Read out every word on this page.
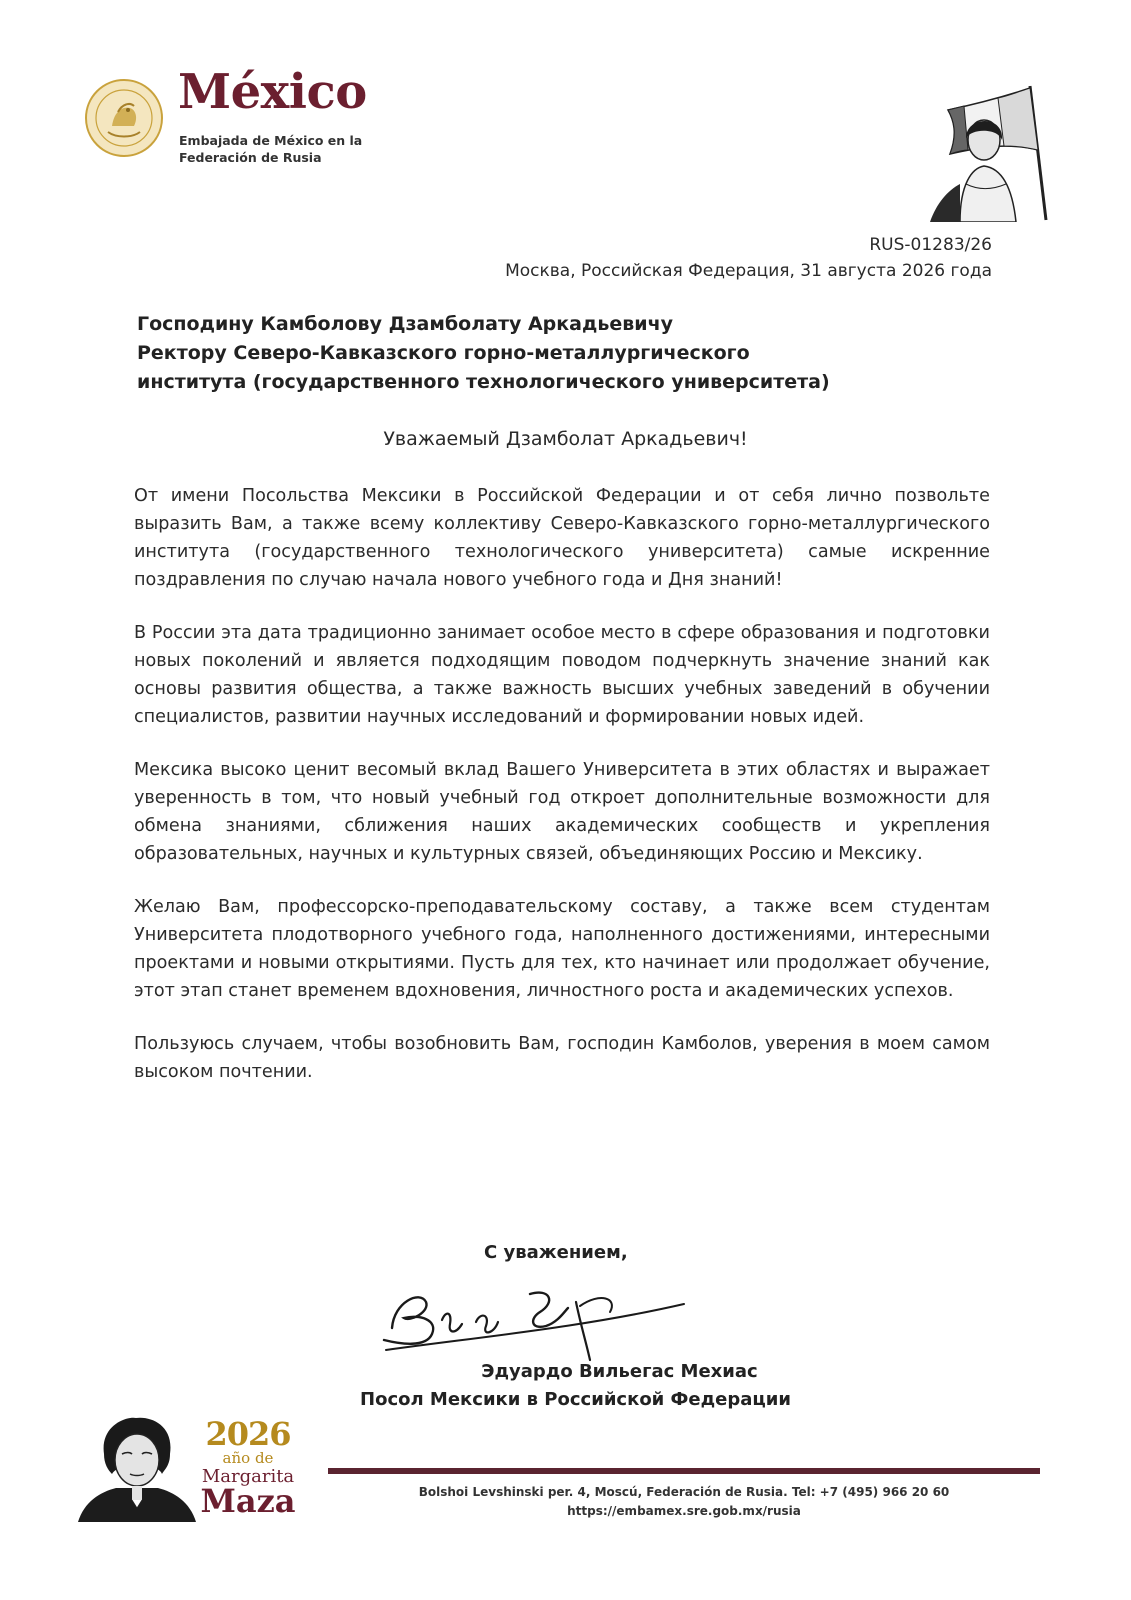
México
Embajada de México en la
Federación de Rusia
RUS-01283/26
Москва, Российская Федерация, 31 августа 2026 года
Господину Камболову Дзамболату Аркадьевичу
Ректору Северо-Кавказского горно-металлургического
института (государственного технологического университета)
Уважаемый Дзамболат Аркадьевич!

От имени Посольства Мексики в Российской Федерации и от себя лично позвольте выразить Вам, а также всему коллективу Северо-Кавказского горно-металлургического института (государственного технологического университета) самые искренние поздравления по случаю начала нового учебного года и Дня знаний!

В России эта дата традиционно занимает особое место в сфере образования и подготовки новых поколений и является подходящим поводом подчеркнуть значение знаний как основы развития общества, а также важность высших учебных заведений в обучении специалистов, развитии научных исследований и формировании новых идей.

Мексика высоко ценит весомый вклад Вашего Университета в этих областях и выражает уверенность в том, что новый учебный год откроет дополнительные возможности для обмена знаниями, сближения наших академических сообществ и укрепления образовательных, научных и культурных связей, объединяющих Россию и Мексику.

Желаю Вам, профессорско-преподавательскому составу, а также всем студентам Университета плодотворного учебного года, наполненного достижениями, интересными проектами и новыми открытиями. Пусть для тех, кто начинает или продолжает обучение, этот этап станет временем вдохновения, личностного роста и академических успехов.

Пользуюсь случаем, чтобы возобновить Вам, господин Камболов, уверения в моем самом высоком почтении.

С уважением,
Эдуардо Вильегас Мехиас
Посол Мексики в Российской Федерации
2026
año de
Margarita
Maza	Bolshoi Levshinski per. 4, Moscú, Federación de Rusia. Tel: +7 (495) 966 20 60
https://embamex.sre.gob.mx/rusia
